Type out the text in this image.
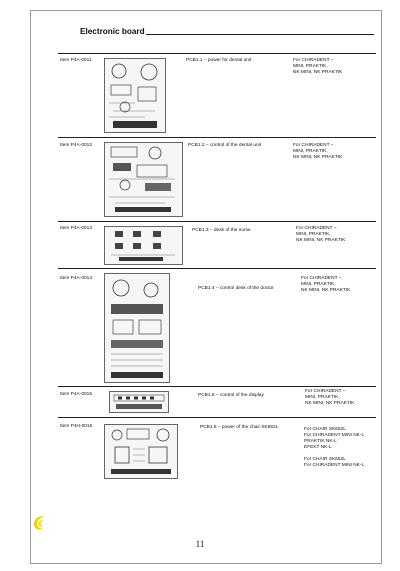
Electronic board
Item P4A-0011	PCB1.1 – power for dental unit	For CHIRADENT –
MINI, PRAKTIK,
NK MINI, NK PRAKTIK
Item P4A-0012	PCB1.2 – control of the dental unit	For CHIRADENT –
MINI, PRAKTIK,
NK MINI, NK PRAKTIK
Item P4A-0013	PCB1.3 – desk of the nurse	For CHIRADENT –
MINI, PRAKTIK,
NK MINI, NK PRAKTIK
Item P4A-0014
PCB1.4 – control desk of the doctor
For CHIRADENT –
MINI, PRAKTIK,
NK MINI, NK PRAKTIK
Item P4A-0015	PCB1.5 – control of the display
For CHIRADENT –
MINI, PRAKTIK,
NK MINI, NK PRAKTIK
Item P4H-0016	PCB1.6 – power of the chair SK652L	For CHAIR SK652L
For CHIRADENT MINI NK-L
PRAKTIK NK-L
EFEKT NK-L
For CHAIR SK652L
For CHIRADENT MINI NK-L
11
